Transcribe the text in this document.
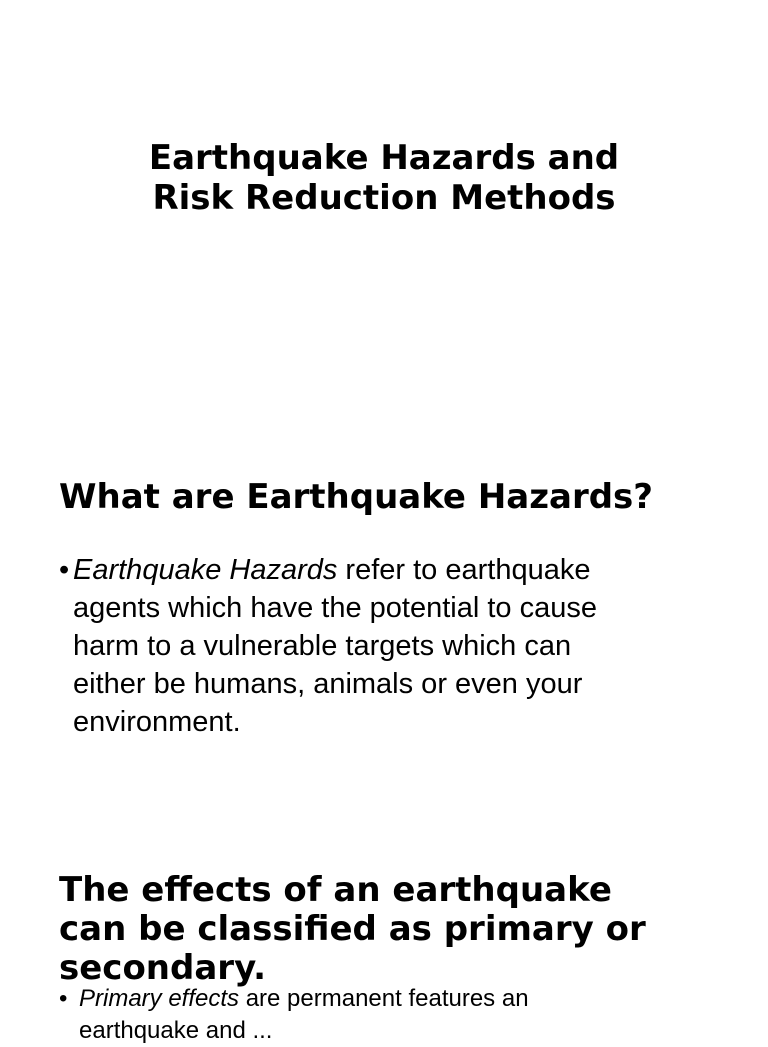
Earthquake Hazards and
Risk Reduction Methods
What are Earthquake Hazards?
• Earthquake Hazards refer to earthquake
agents which have the potential to cause
harm to a vulnerable targets which can
either be humans, animals or even your
environment.
The effects of an earthquake
can be classified as primary or
secondary.
• Primary effects are permanent features an
earthquake and ...
